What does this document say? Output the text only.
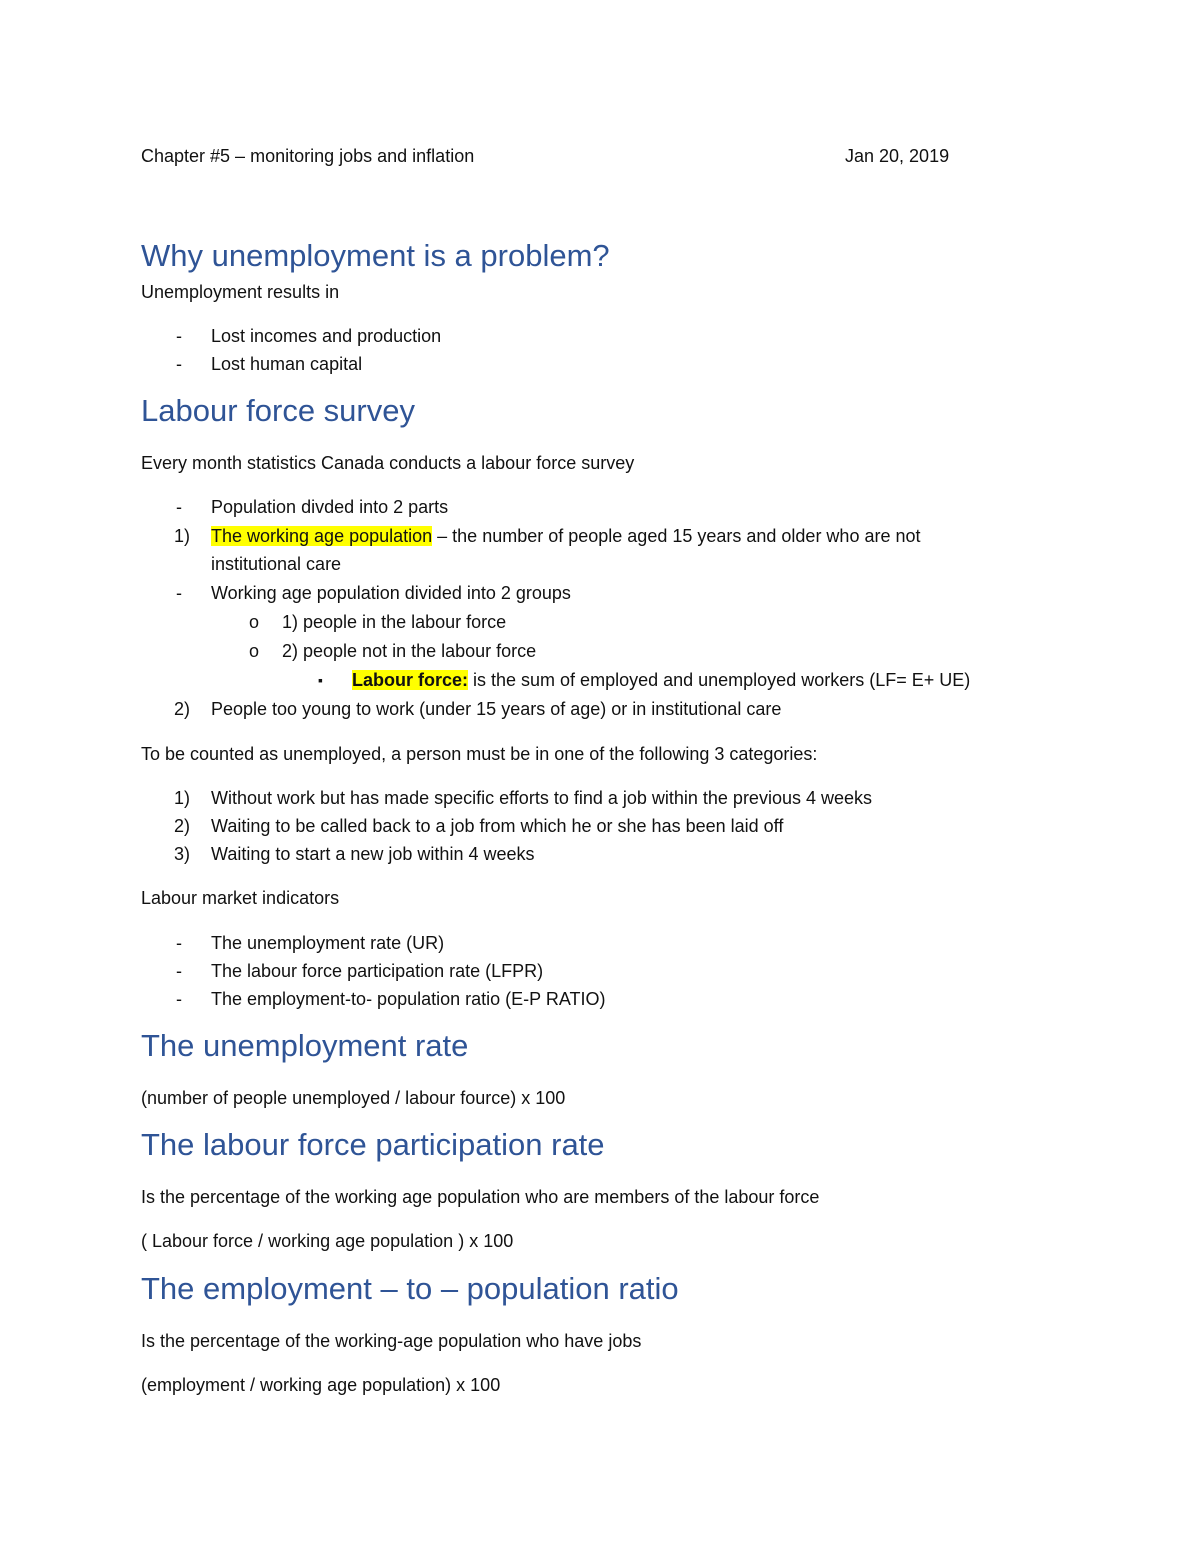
Chapter #5 – monitoring jobs and inflation	Jan 20, 2019
Why unemployment is a problem?
Unemployment results in
- Lost incomes and production
- Lost human capital
Labour force survey
Every month statistics Canada conducts a labour force survey
- Population divded into 2 parts
1) The working age population – the number of people aged 15 years and older who are not
institutional care
- Working age population divided into 2 groups
o 1) people in the labour force
o 2) people not in the labour force
▪ Labour force: is the sum of employed and unemployed workers (LF= E+ UE)
2) People too young to work (under 15 years of age) or in institutional care
To be counted as unemployed, a person must be in one of the following 3 categories:
1) Without work but has made specific efforts to find a job within the previous 4 weeks
2) Waiting to be called back to a job from which he or she has been laid off
3) Waiting to start a new job within 4 weeks
Labour market indicators
- The unemployment rate (UR)
- The labour force participation rate (LFPR)
- The employment-to- population ratio (E-P RATIO)
The unemployment rate
(number of people unemployed / labour fource) x 100
The labour force participation rate
Is the percentage of the working age population who are members of the labour force
( Labour force / working age population ) x 100
The employment – to – population ratio
Is the percentage of the working-age population who have jobs
(employment / working age population) x 100
